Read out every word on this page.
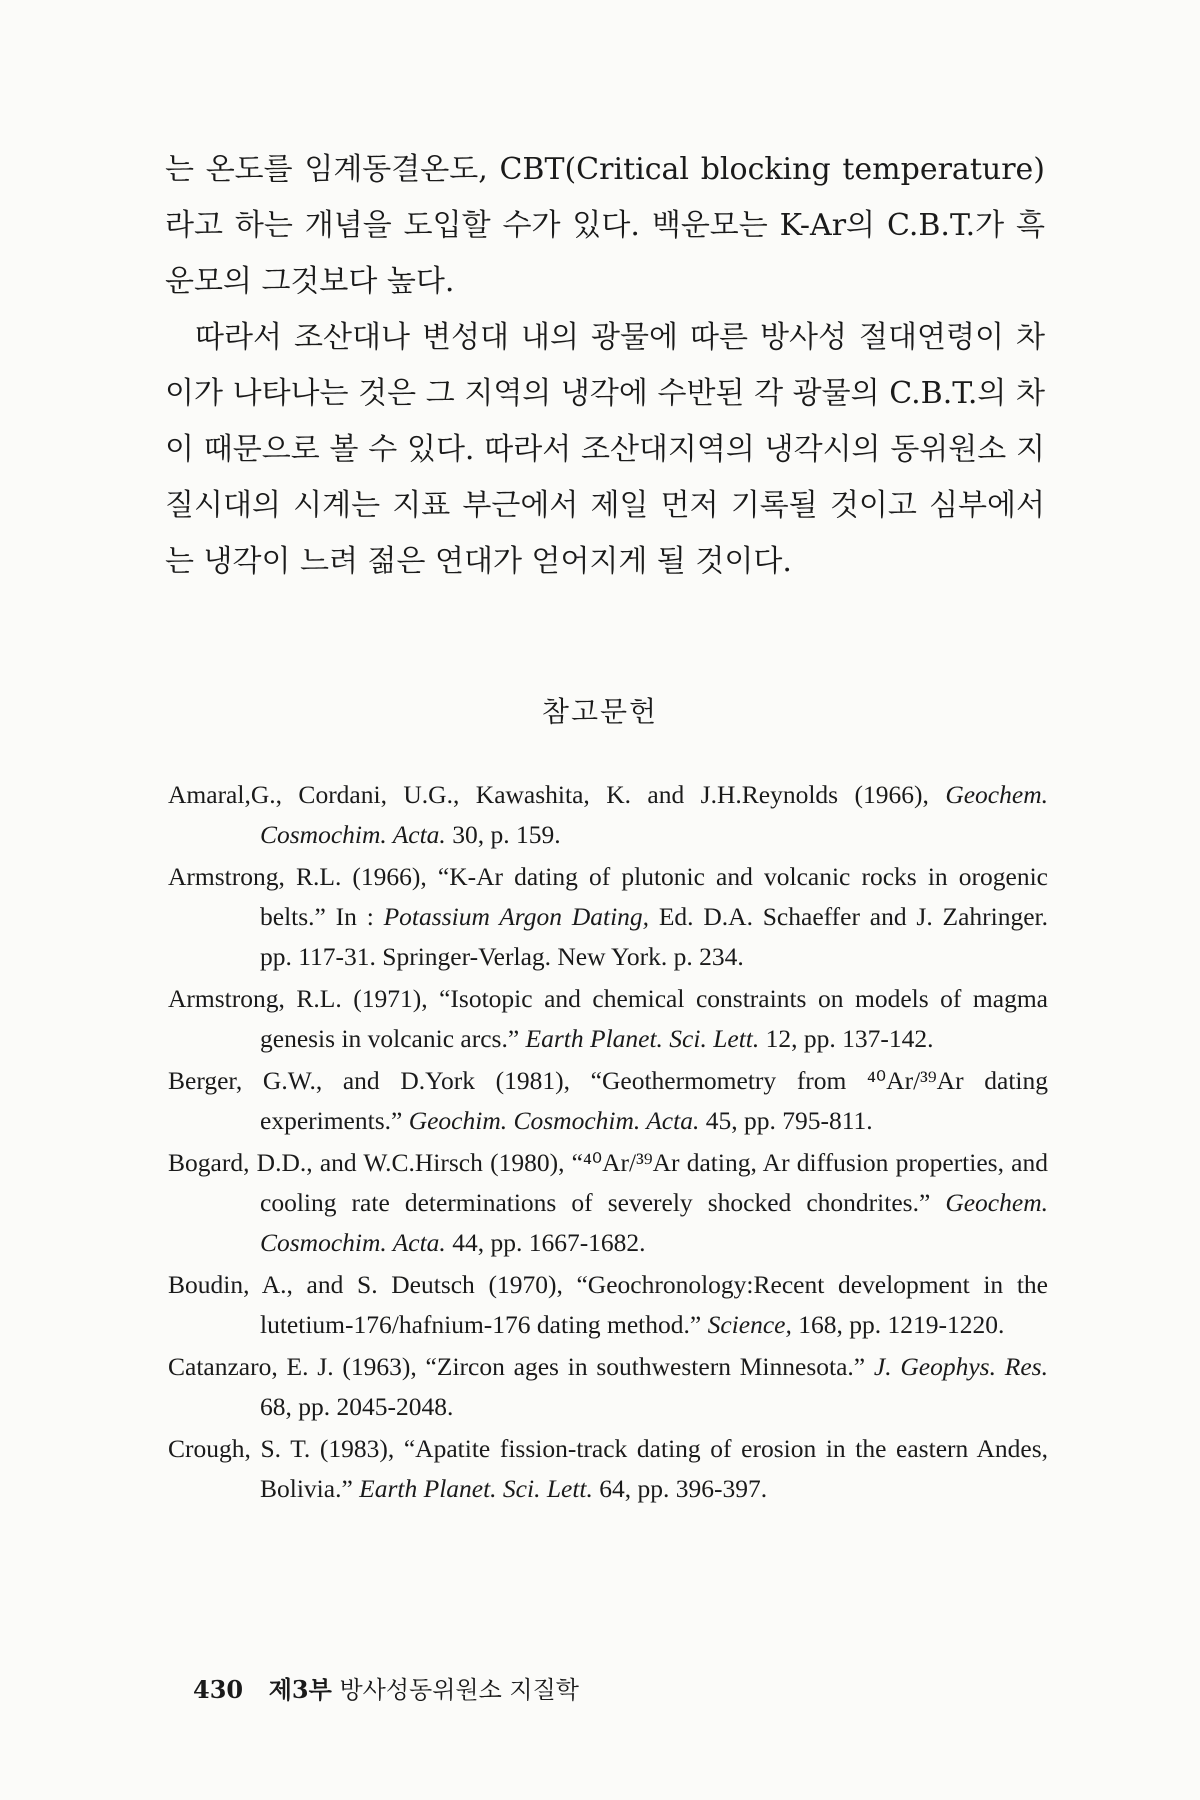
는 온도를 임계동결온도, CBT(Critical blocking temperature)라고 하는 개념을 도입할 수가 있다. 백운모는 K-Ar의 C.B.T.가 흑운모의 그것보다 높다.

따라서 조산대나 변성대 내의 광물에 따른 방사성 절대연령이 차이가 나타나는 것은 그 지역의 냉각에 수반된 각 광물의 C.B.T.의 차이 때문으로 볼 수 있다. 따라서 조산대지역의 냉각시의 동위원소 지질시대의 시계는 지표 부근에서 제일 먼저 기록될 것이고 심부에서는 냉각이 느려 젊은 연대가 얻어지게 될 것이다.

참고문헌

Amaral,G., Cordani, U.G., Kawashita, K. and J.H.Reynolds (1966), Geochem. Cosmochim. Acta. 30, p. 159.

Armstrong, R.L. (1966), “K-Ar dating of plutonic and volcanic rocks in orogenic belts.” In : Potassium Argon Dating, Ed. D.A. Schaeffer and J. Zahringer. pp. 117-31. Springer-Verlag. New York. p. 234.

Armstrong, R.L. (1971), “Isotopic and chemical constraints on models of magma genesis in volcanic arcs.” Earth Planet. Sci. Lett. 12, pp. 137-142.

Berger, G.W., and D.York (1981), “Geothermometry from ⁴⁰Ar/³⁹Ar dating experiments.” Geochim. Cosmochim. Acta. 45, pp. 795-811.

Bogard, D.D., and W.C.Hirsch (1980), “⁴⁰Ar/³⁹Ar dating, Ar diffusion properties, and cooling rate determinations of severely shocked chondrites.” Geochem. Cosmochim. Acta. 44, pp. 1667-1682.

Boudin, A., and S. Deutsch (1970), “Geochronology:Recent development in the lutetium-176/hafnium-176 dating method.” Science, 168, pp. 1219-1220.

Catanzaro, E. J. (1963), “Zircon ages in southwestern Minnesota.” J. Geophys. Res. 68, pp. 2045-2048.

Crough, S. T. (1983), “Apatite fission-track dating of erosion in the eastern Andes, Bolivia.” Earth Planet. Sci. Lett. 64, pp. 396-397.

430 제3부 방사성동위원소 지질학
